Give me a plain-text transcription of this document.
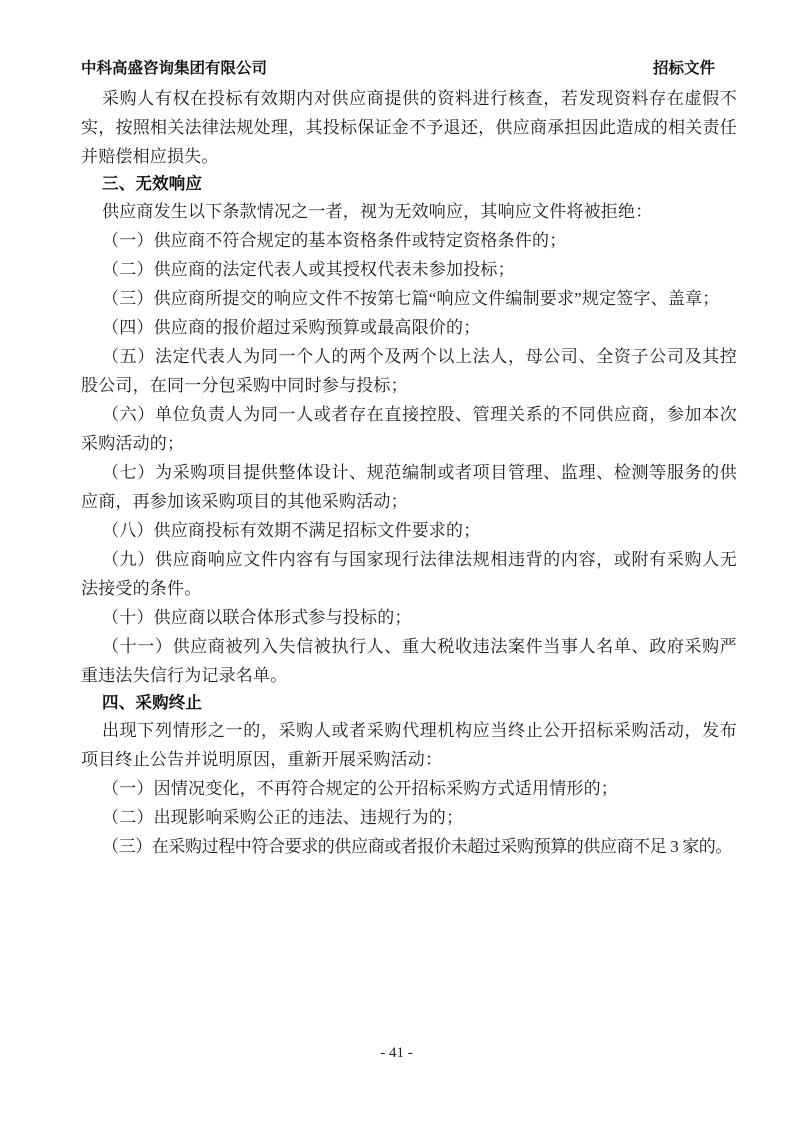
中科高盛咨询集团有限公司	招标文件

采购人有权在投标有效期内对供应商提供的资料进行核查，若发现资料存在虚假不实，按照相关法律法规处理，其投标保证金不予退还，供应商承担因此造成的相关责任并赔偿相应损失。

三、无效响应

供应商发生以下条款情况之一者，视为无效响应，其响应文件将被拒绝：

（一）供应商不符合规定的基本资格条件或特定资格条件的；

（二）供应商的法定代表人或其授权代表未参加投标；

（三）供应商所提交的响应文件不按第七篇“响应文件编制要求”规定签字、盖章；

（四）供应商的报价超过采购预算或最高限价的；

（五）法定代表人为同一个人的两个及两个以上法人，母公司、全资子公司及其控股公司，在同一分包采购中同时参与投标；

（六）单位负责人为同一人或者存在直接控股、管理关系的不同供应商，参加本次采购活动的；

（七）为采购项目提供整体设计、规范编制或者项目管理、监理、检测等服务的供应商，再参加该采购项目的其他采购活动；

（八）供应商投标有效期不满足招标文件要求的；

（九）供应商响应文件内容有与国家现行法律法规相违背的内容，或附有采购人无法接受的条件。

（十）供应商以联合体形式参与投标的；

（十一）供应商被列入失信被执行人、重大税收违法案件当事人名单、政府采购严重违法失信行为记录名单。

四、采购终止

出现下列情形之一的，采购人或者采购代理机构应当终止公开招标采购活动，发布项目终止公告并说明原因，重新开展采购活动：

（一）因情况变化，不再符合规定的公开招标采购方式适用情形的；

（二）出现影响采购公正的违法、违规行为的；

（三）在采购过程中符合要求的供应商或者报价未超过采购预算的供应商不足 3 家的。

- 41 -
